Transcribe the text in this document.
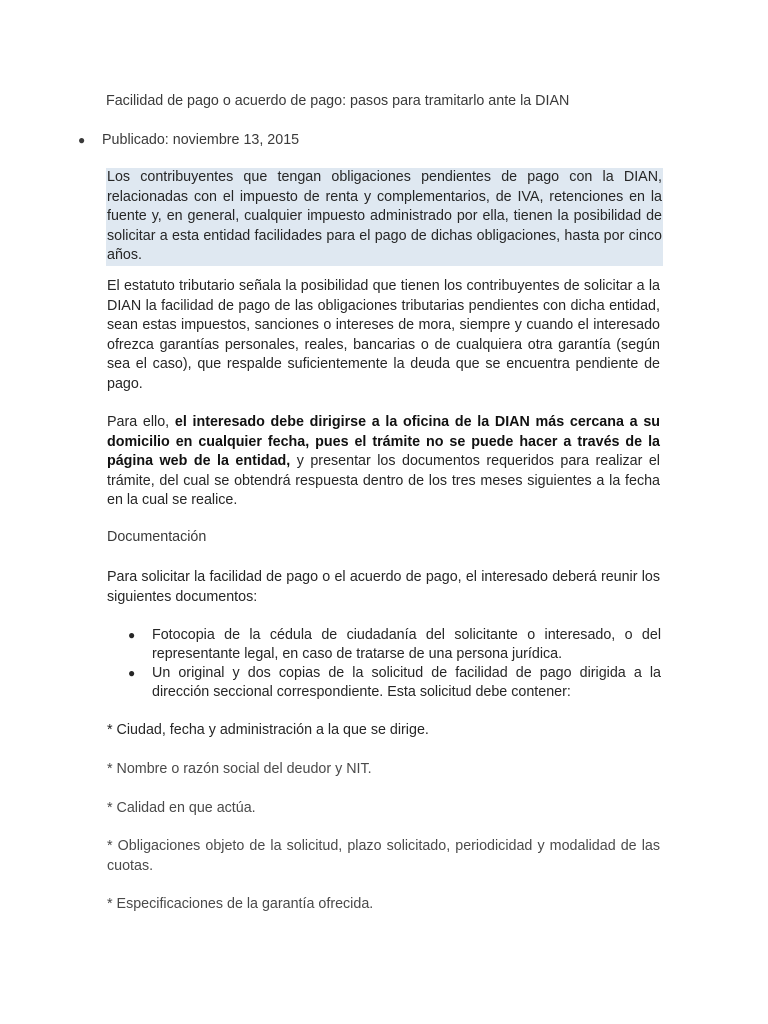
Facilidad de pago o acuerdo de pago: pasos para tramitarlo ante la DIAN
● Publicado: noviembre 13, 2015

Los contribuyentes que tengan obligaciones pendientes de pago con la DIAN, relacionadas con el impuesto de renta y complementarios, de IVA, retenciones en la fuente y, en general, cualquier impuesto administrado por ella, tienen la posibilidad de solicitar a esta entidad facilidades para el pago de dichas obligaciones, hasta por cinco años.

El estatuto tributario señala la posibilidad que tienen los contribuyentes de solicitar a la DIAN la facilidad de pago de las obligaciones tributarias pendientes con dicha entidad, sean estas impuestos, sanciones o intereses de mora, siempre y cuando el interesado ofrezca garantías personales, reales, bancarias o de cualquiera otra garantía (según sea el caso), que respalde suficientemente la deuda que se encuentra pendiente de pago.

Para ello, el interesado debe dirigirse a la oficina de la DIAN más cercana a su domicilio en cualquier fecha, pues el trámite no se puede hacer a través de la página web de la entidad, y presentar los documentos requeridos para realizar el trámite, del cual se obtendrá respuesta dentro de los tres meses siguientes a la fecha en la cual se realice.

Documentación

Para solicitar la facilidad de pago o el acuerdo de pago, el interesado deberá reunir los siguientes documentos:

● Fotocopia de la cédula de ciudadanía del solicitante o interesado, o del representante legal, en caso de tratarse de una persona jurídica.
● Un original y dos copias de la solicitud de facilidad de pago dirigida a la dirección seccional correspondiente. Esta solicitud debe contener:

* Ciudad, fecha y administración a la que se dirige.

* Nombre o razón social del deudor y NIT.

* Calidad en que actúa.

* Obligaciones objeto de la solicitud, plazo solicitado, periodicidad y modalidad de las cuotas.

* Especificaciones de la garantía ofrecida.
